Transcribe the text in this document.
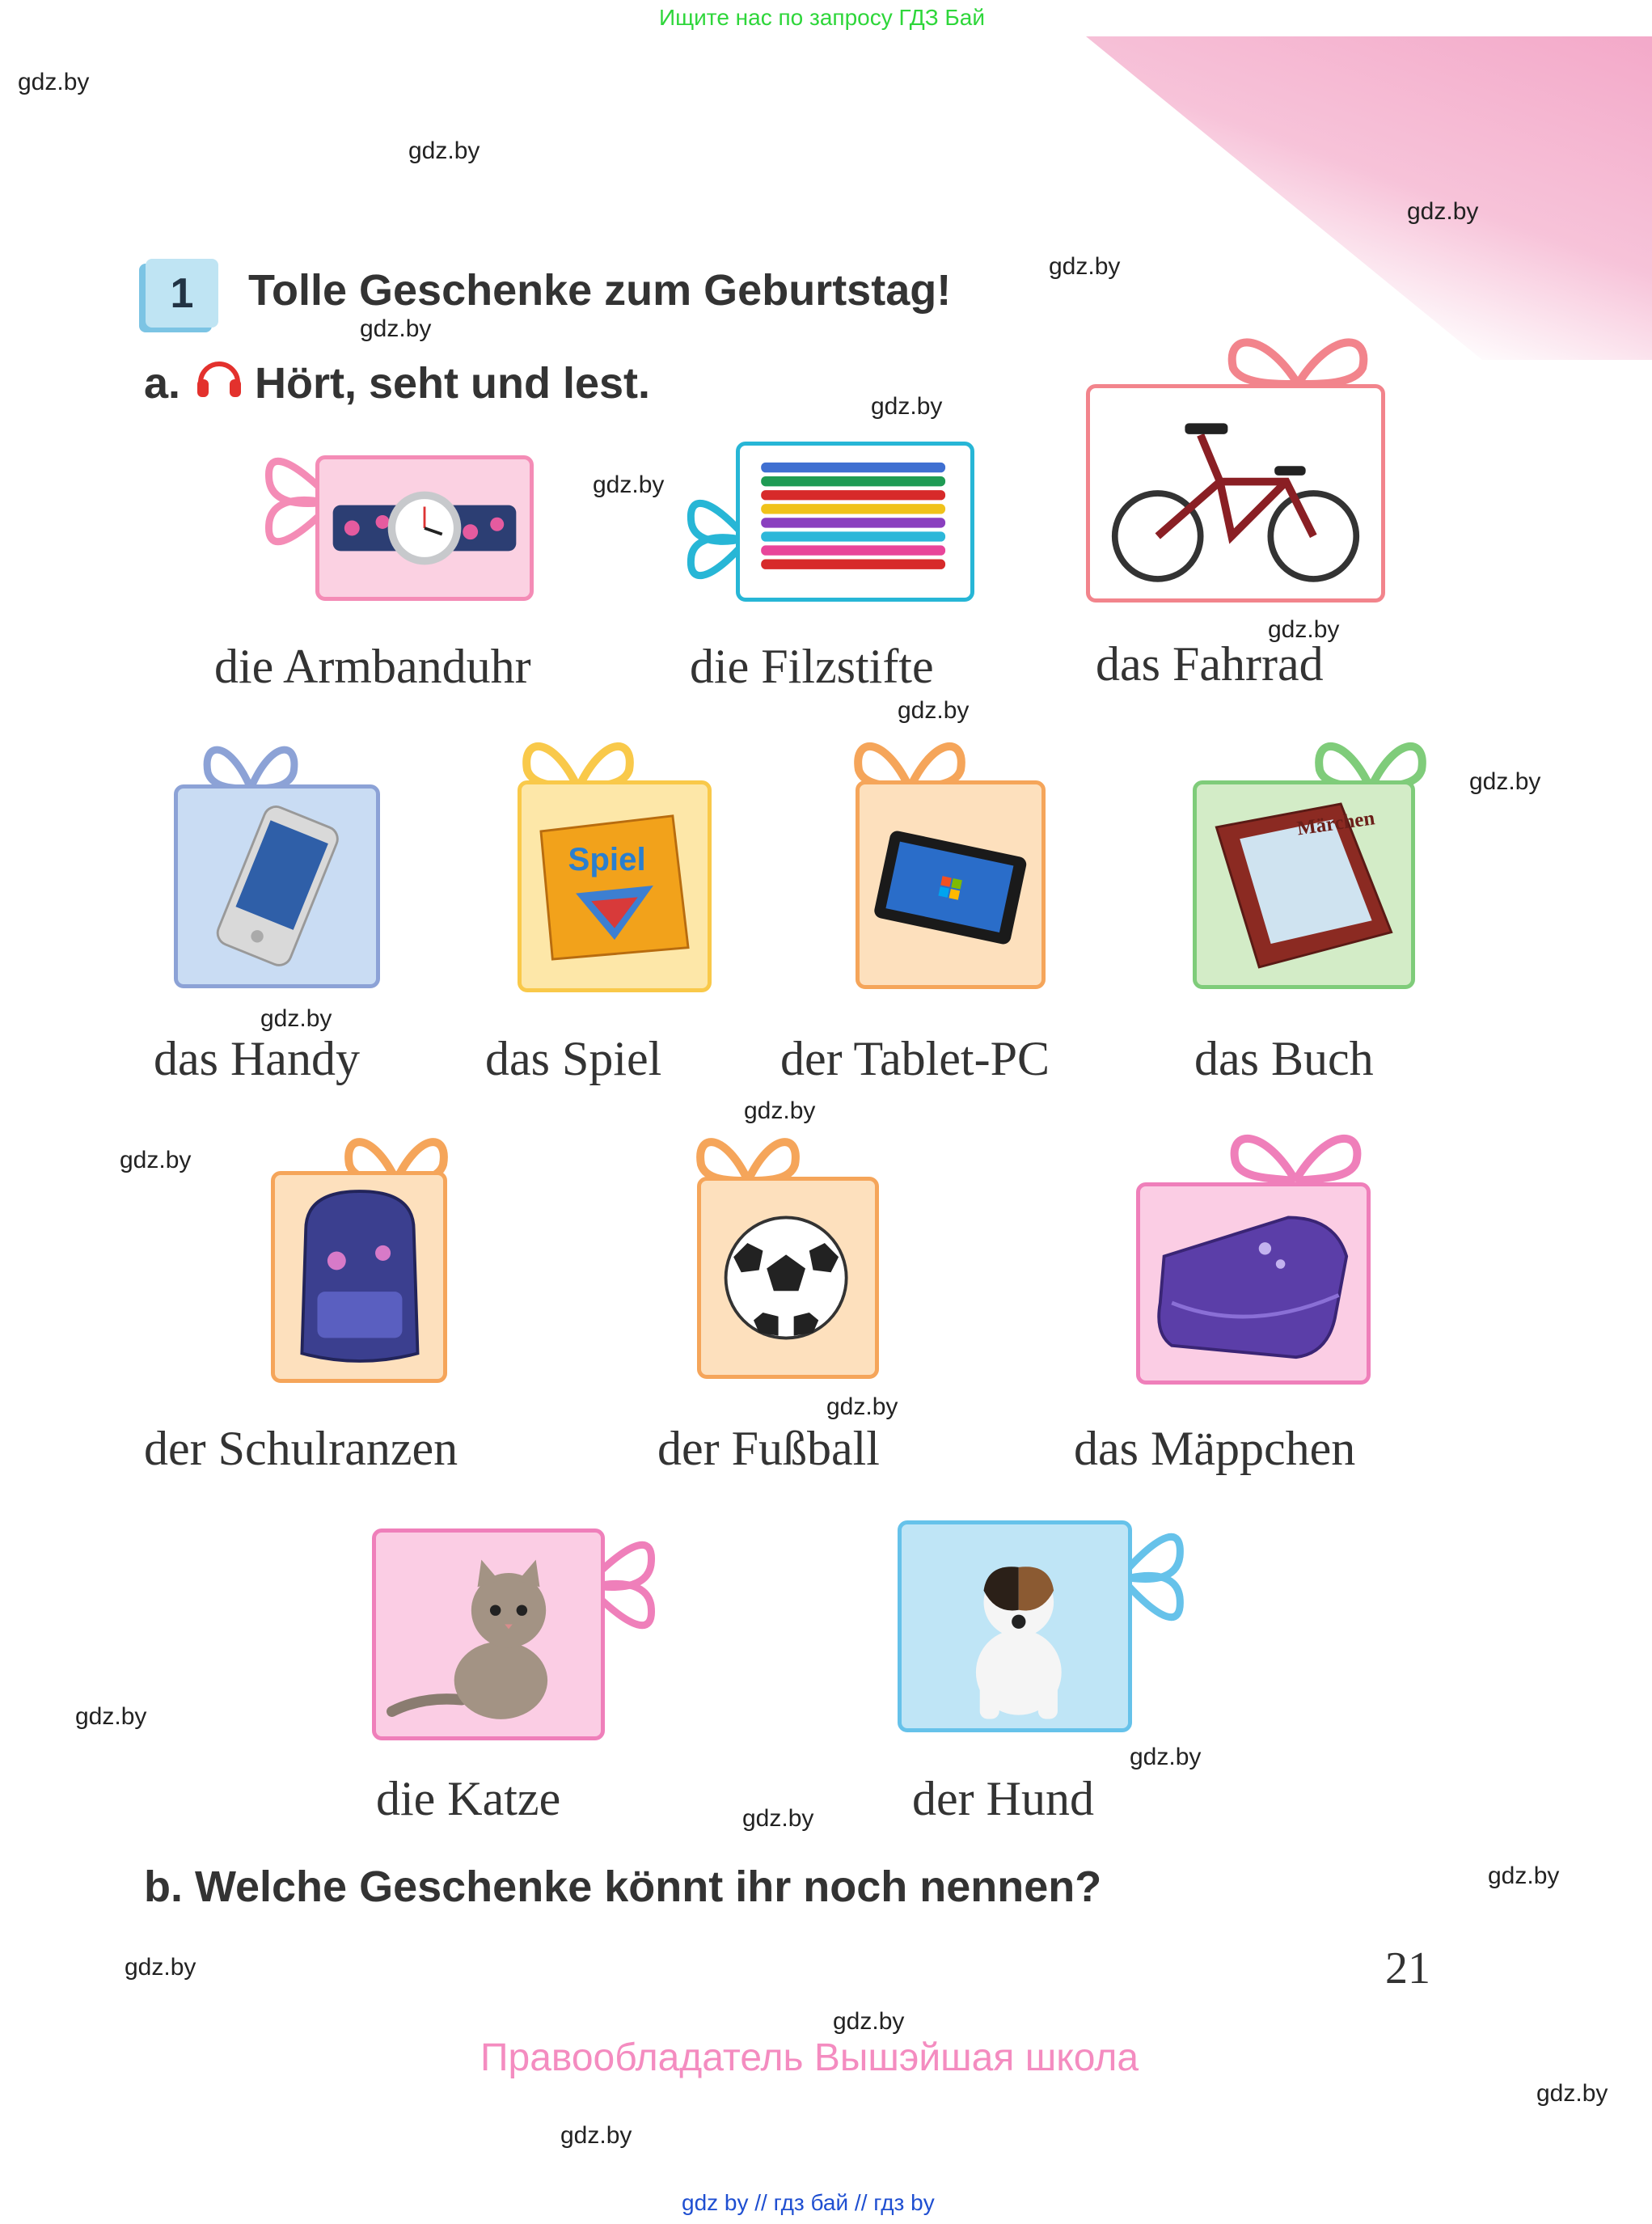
Ищите нас по запросу ГДЗ Бай
gdz.by
gdz.by
gdz.by
gdz.by
gdz.by
gdz.by
gdz.by
gdz.by
gdz.by
gdz.by
gdz.by
gdz.by
gdz.by
gdz.by
gdz.by
gdz.by
gdz.by
gdz.by
gdz.by
gdz.by
gdz.by
gdz.by
1	Tolle Geschenke zum Geburtstag!
a. Hört, seht und lest.
die Armbanduhr	die Filzstifte	das Fahrrad
Spiel
Märchen
das Handy	das Spiel der Tablet-PC	das Buch
der Schulranzen	der Fußball	das Mäppchen
die Katze	der Hund
b. Welche Geschenke könnt ihr noch nennen?
21
Правообладатель Вышэйшая школа
gdz by // гдз бай // гдз by
